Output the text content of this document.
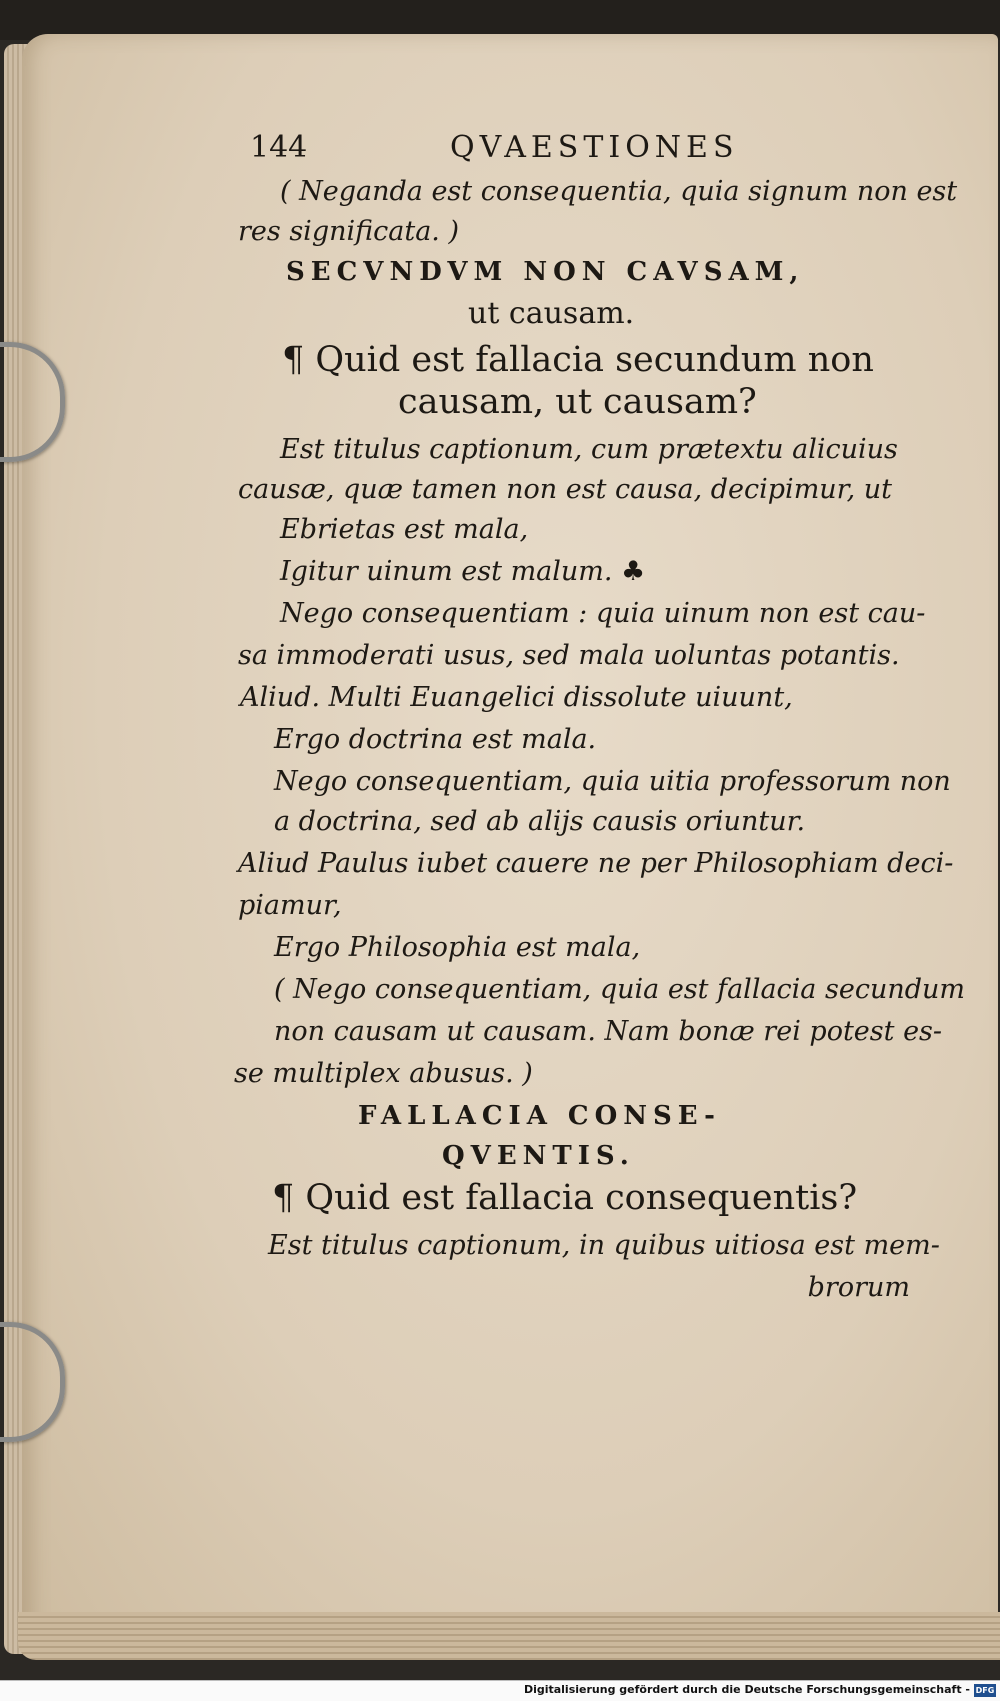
144	QVAESTIONES
( Neganda est consequentia, quia signum non est
res significata. )
SECVNDVM NON CAVSAM,
ut causam.
¶ Quid est fallacia secundum non
causam, ut causam?
Est titulus captionum, cum prætextu alicuius
causæ, quæ tamen non est causa, decipimur, ut
Ebrietas est mala,
Igitur uinum est malum. ♣
Nego consequentiam : quia uinum non est cau-
sa immoderati usus, sed mala uoluntas potantis.
Aliud. Multi Euangelici dissolute uiuunt,
Ergo doctrina est mala.
Nego consequentiam, quia uitia professorum non
a doctrina, sed ab alijs causis oriuntur.
Aliud Paulus iubet cauere ne per Philosophiam deci-
piamur,
Ergo Philosophia est mala,
( Nego consequentiam, quia est fallacia secundum
non causam ut causam. Nam bonæ rei potest es-
se multiplex abusus. )
FALLACIA CONSE-
QVENTIS.
¶ Quid est fallacia consequentis?
Est titulus captionum, in quibus uitiosa est mem-
brorum
Digitalisierung gefördert durch die Deutsche Forschungsgemeinschaft - DFG
